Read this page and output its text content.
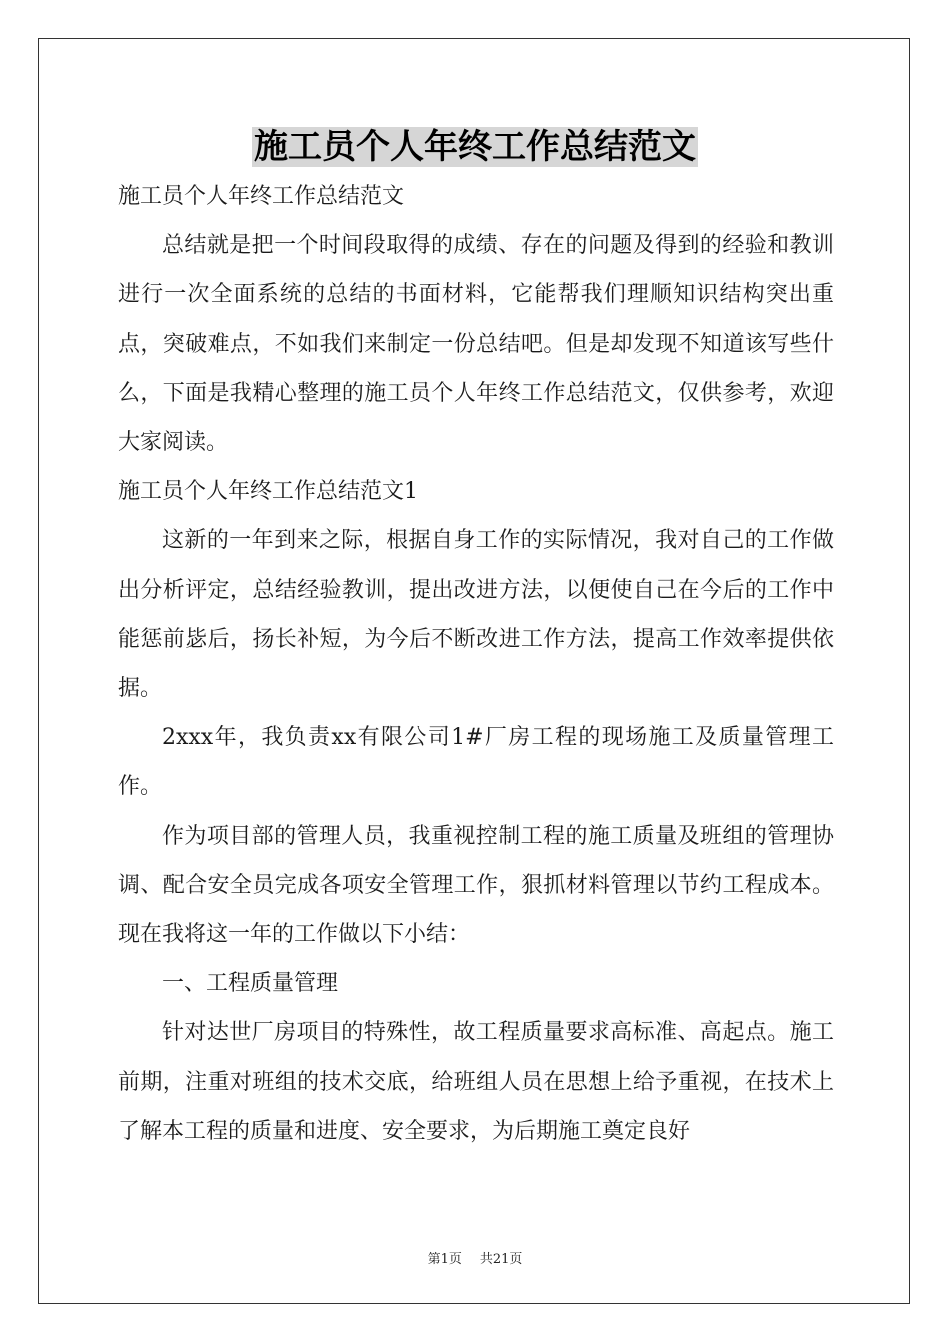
施工员个人年终工作总结范文

施工员个人年终工作总结范文

总结就是把一个时间段取得的成绩、存在的问题及得到的经验和教训进行一次全面系统的总结的书面材料，它能帮我们理顺知识结构突出重点，突破难点，不如我们来制定一份总结吧。但是却发现不知道该写些什么，下面是我精心整理的施工员个人年终工作总结范文，仅供参考，欢迎大家阅读。

施工员个人年终工作总结范文1

这新的一年到来之际，根据自身工作的实际情况，我对自己的工作做出分析评定，总结经验教训，提出改进方法，以便使自己在今后的工作中能惩前毖后，扬长补短，为今后不断改进工作方法，提高工作效率提供依据。

2xxx年，我负责xx有限公司1#厂房工程的现场施工及质量管理工作。

作为项目部的管理人员，我重视控制工程的施工质量及班组的管理协调、配合安全员完成各项安全管理工作，狠抓材料管理以节约工程成本。现在我将这一年的工作做以下小结：

一、工程质量管理

针对达世厂房项目的特殊性，故工程质量要求高标准、高起点。施工前期，注重对班组的技术交底，给班组人员在思想上给予重视，在技术上了解本工程的质量和进度、安全要求，为后期施工奠定良好

第1页 共21页
